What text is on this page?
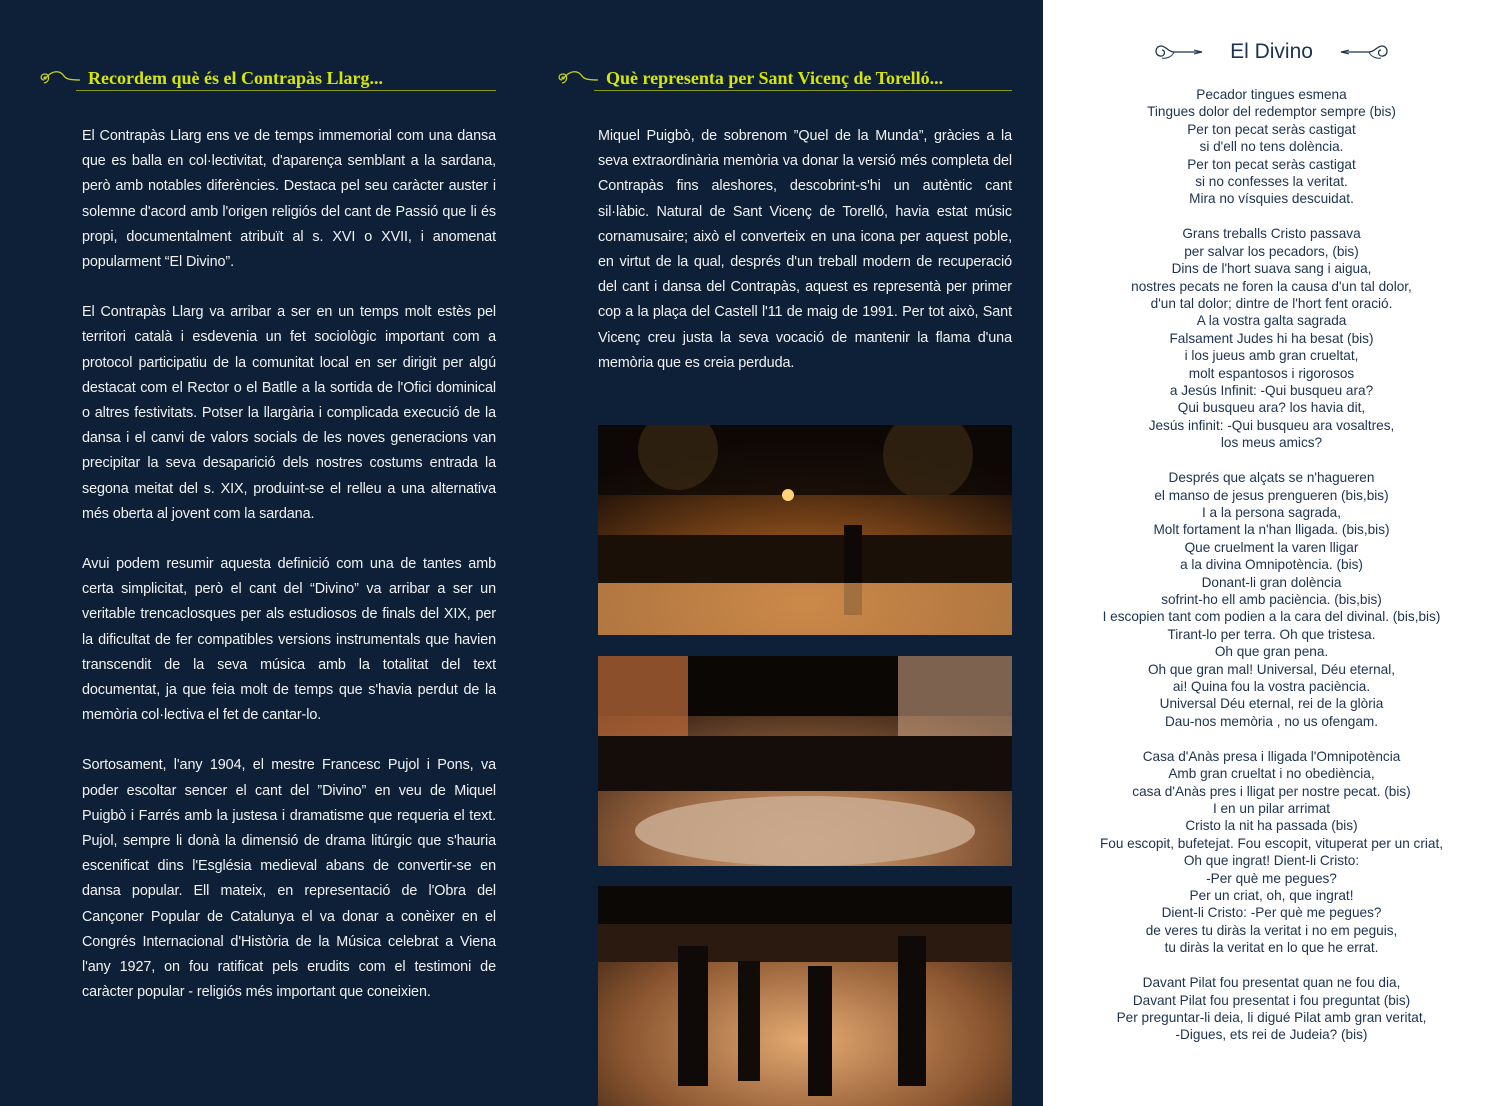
Recordem què és el Contrapàs Llarg...

El Contrapàs Llarg ens ve de temps immemorial com una dansa que es balla en col·lectivitat, d'aparença semblant a la sardana, però amb notables diferències. Destaca pel seu caràcter auster i solemne d'acord amb l'origen religiós del cant de Passió que li és propi, documentalment atribuït al s. XVI o XVII, i anomenat popularment “El Divino”.

El Contrapàs Llarg va arribar a ser en un temps molt estès pel territori català i esdevenia un fet sociològic important com a protocol participatiu de la comunitat local en ser dirigit per algú destacat com el Rector o el Batlle a la sortida de l'Ofici dominical o altres festivitats. Potser la llargària i complicada execució de la dansa i el canvi de valors socials de les noves generacions van precipitar la seva desaparició dels nostres costums entrada la segona meitat del s. XIX, produint-se el relleu a una alternativa més oberta al jovent com la sardana.

Avui podem resumir aquesta definició com una de tantes amb certa simplicitat, però el cant del “Divino” va arribar a ser un veritable trencaclosques per als estudiosos de finals del XIX, per la dificultat de fer compatibles versions instrumentals que havien transcendit de la seva música amb la totalitat del text documentat, ja que feia molt de temps que s'havia perdut de la memòria col·lectiva el fet de cantar-lo.

Sortosament, l'any 1904, el mestre Francesc Pujol i Pons, va poder escoltar sencer el cant del ”Divino” en veu de Miquel Puigbò i Farrés amb la justesa i dramatisme que requeria el text. Pujol, sempre li donà la dimensió de drama litúrgic que s'hauria escenificat dins l'Església medieval abans de convertir-se en dansa popular. Ell mateix, en representació de l'Obra del Cançoner Popular de Catalunya el va donar a conèixer en el Congrés Internacional d'Història de la Música celebrat a Viena l'any 1927, on fou ratificat pels erudits com el testimoni de caràcter popular - religiós més important que coneixien.

Què representa per Sant Vicenç de Torelló...

Miquel Puigbò, de sobrenom ”Quel de la Munda”, gràcies a la seva extraordinària memòria va donar la versió més completa del Contrapàs fins aleshores, descobrint-s'hi un autèntic cant sil·làbic. Natural de Sant Vicenç de Torelló, havia estat músic cornamusaire; això el converteix en una icona per aquest poble, en virtut de la qual, després d'un treball modern de recuperació del cant i dansa del Contrapàs, aquest es representà per primer cop a la plaça del Castell l'11 de maig de 1991. Per tot això, Sant Vicenç creu justa la seva vocació de mantenir la flama d'una memòria que es creia perduda.

El Divino
Pecador tingues esmena
Tingues dolor del redemptor sempre (bis)
Per ton pecat seràs castigat
si d'ell no tens dolència.
Per ton pecat seràs castigat
si no confesses la veritat.
Mira no vísquies descuidat.
Grans treballs Cristo passava
per salvar los pecadors, (bis)
Dins de l'hort suava sang i aigua,
nostres pecats ne foren la causa d'un tal dolor,
d'un tal dolor; dintre de l'hort fent oració.
A la vostra galta sagrada
Falsament Judes hi ha besat (bis)
i los jueus amb gran crueltat,
molt espantosos i rigorosos
a Jesús Infinit: -Qui busqueu ara?
Qui busqueu ara? los havia dit,
Jesús infinit: -Qui busqueu ara vosaltres,
los meus amics?
Després que alçats se n'hagueren
el manso de jesus prengueren (bis,bis)
I a la persona sagrada,
Molt fortament la n'han lligada. (bis,bis)
Que cruelment la varen lligar
a la divina Omnipotència. (bis)
Donant-li gran dolència
sofrint-ho ell amb paciència. (bis,bis)
I escopien tant com podien a la cara del divinal. (bis,bis)
Tirant-lo per terra. Oh que tristesa.
Oh que gran pena.
Oh que gran mal! Universal, Déu eternal,
ai! Quina fou la vostra paciència.
Universal Déu eternal, rei de la glòria
Dau-nos memòria , no us ofengam.
Casa d'Anàs presa i lligada l'Omnipotència
Amb gran crueltat i no obediència,
casa d'Anàs pres i lligat per nostre pecat. (bis)
I en un pilar arrimat
Cristo la nit ha passada (bis)
Fou escopit, bufetejat. Fou escopit, vituperat per un criat,
Oh que ingrat! Dient-li Cristo:
-Per què me pegues?
Per un criat, oh, que ingrat!
Dient-li Cristo: -Per què me pegues?
de veres tu diràs la veritat i no em peguis,
tu diràs la veritat en lo que he errat.
Davant Pilat fou presentat quan ne fou dia,
Davant Pilat fou presentat i fou preguntat (bis)
Per preguntar-li deia, li digué Pilat amb gran veritat,
-Digues, ets rei de Judeia? (bis)
